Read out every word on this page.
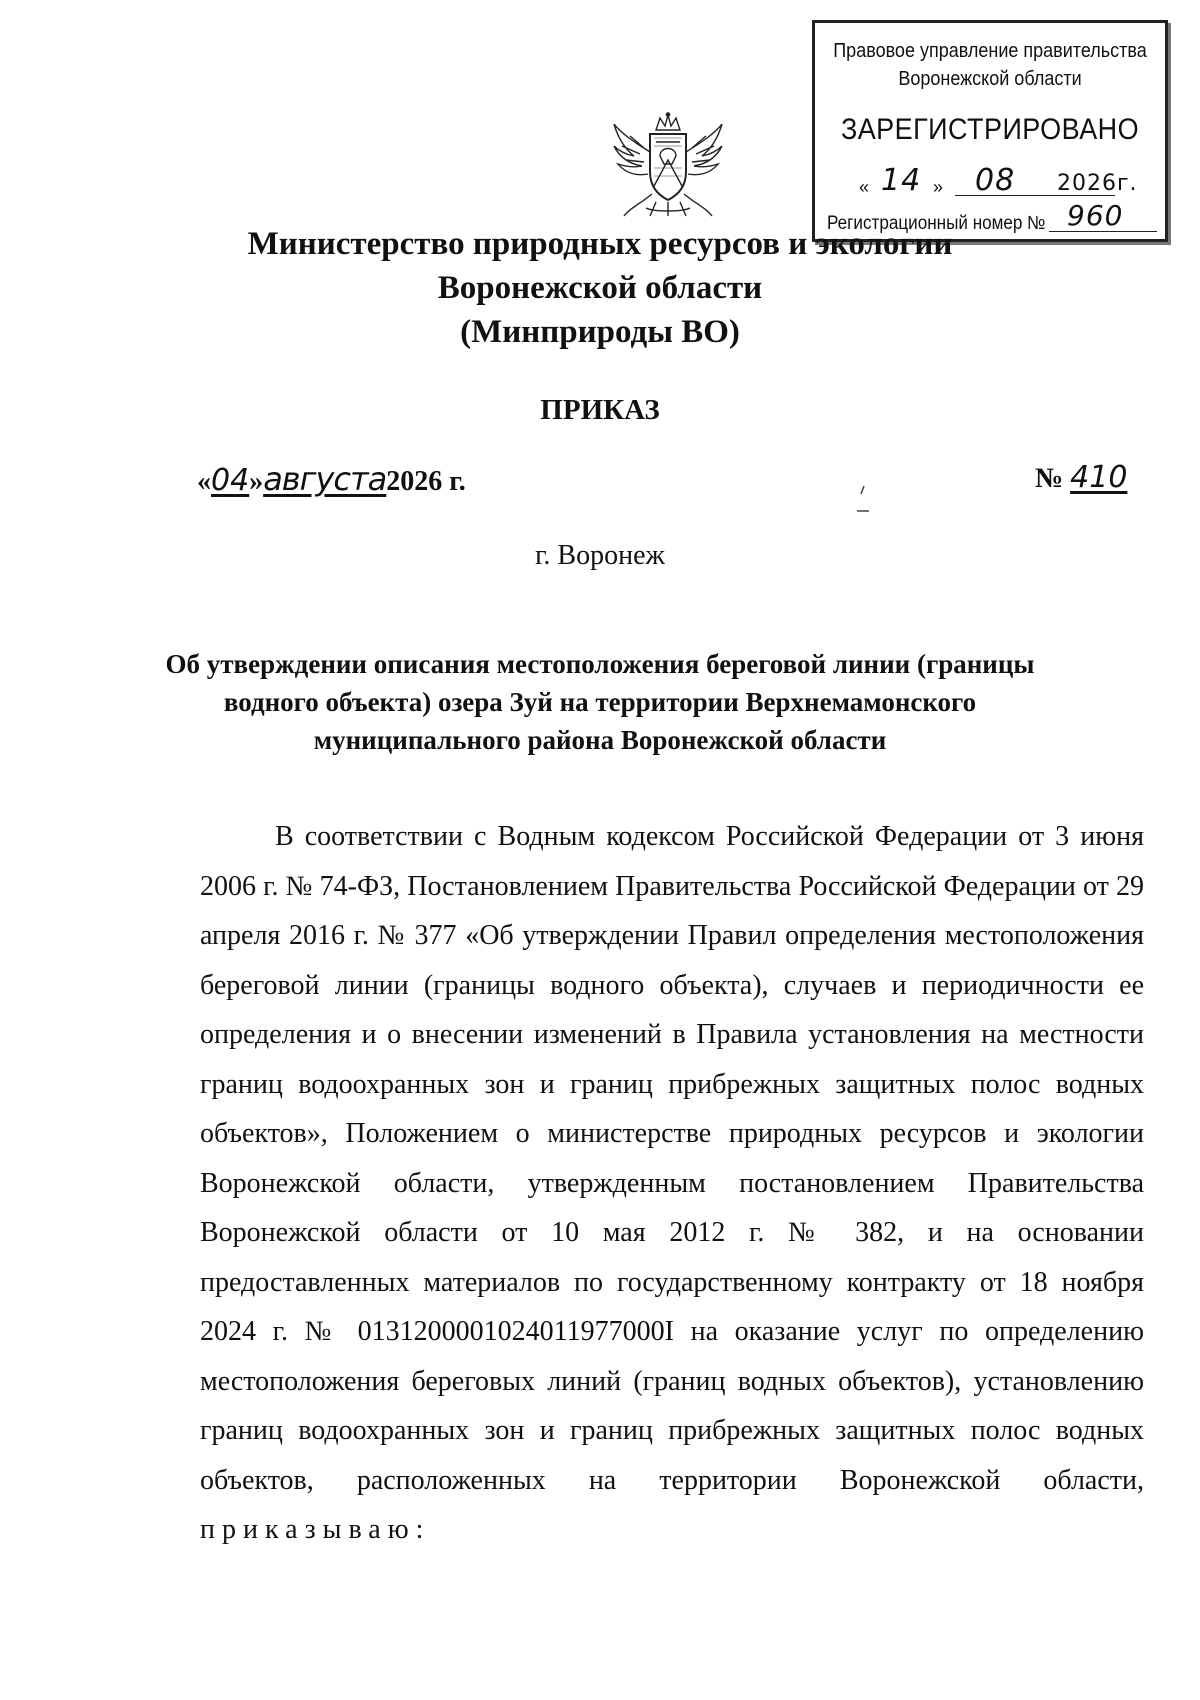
Правовое управление правительства
Воронежской области
ЗАРЕГИСТРИРОВАНО
« 14 » 08 2026г.
Регистрационный номер № 960
Министерство природных ресурсов и экологии
Воронежской области
(Минприроды ВО)
ПРИКАЗ
«04»августа2026 г.	№ 410
г. Воронеж
Об утверждении описания местоположения береговой линии (границы
водного объекта) озера Зуй на территории Верхнемамонского
муниципального района Воронежской области

В соответствии с Водным кодексом Российской Федерации от 3 июня 2006 г. № 74-ФЗ, Постановлением Правительства Российской Федерации от 29 апреля 2016 г. № 377 «Об утверждении Правил определения местоположения береговой линии (границы водного объекта), случаев и периодичности ее определения и о внесении изменений в Правила установления на местности границ водоохранных зон и границ прибрежных защитных полос водных объектов», Положением о министерстве природных ресурсов и экологии Воронежской области, утвержденным постановлением Правительства Воронежской области от 10 мая 2012 г. № 382, и на основании предоставленных материалов по государственному контракту от 18 ноября 2024 г. № 0131200001024011977000I на оказание услуг по определению местоположения береговых линий (границ водных объектов), установлению границ водоохранных зон и границ прибрежных защитных полос водных объектов, расположенных на территории Воронежской области, приказываю:
